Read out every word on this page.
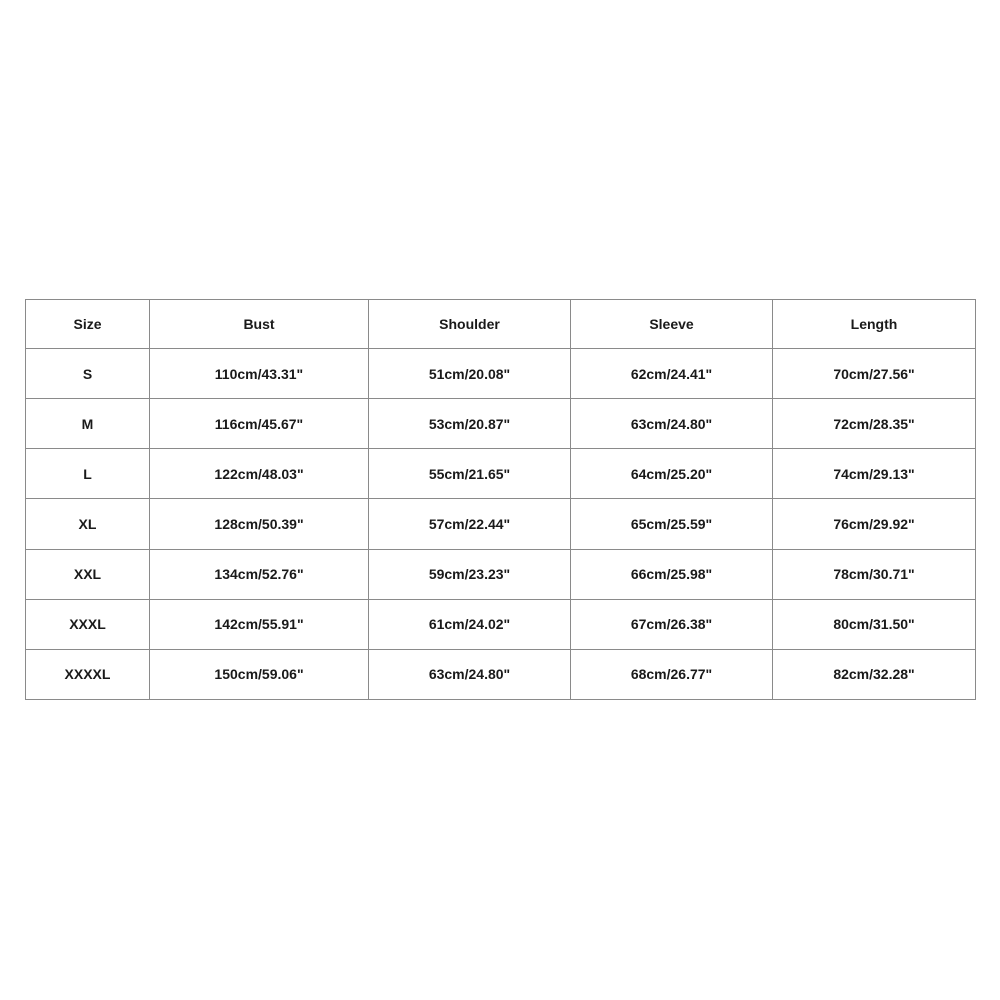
Size	Bust	Shoulder	Sleeve	Length
S	110cm/43.31"	51cm/20.08"	62cm/24.41"	70cm/27.56"
M	116cm/45.67"	53cm/20.87"	63cm/24.80"	72cm/28.35"
L	122cm/48.03"	55cm/21.65"	64cm/25.20"	74cm/29.13"
XL	128cm/50.39"	57cm/22.44"	65cm/25.59"	76cm/29.92"
XXL	134cm/52.76"	59cm/23.23"	66cm/25.98"	78cm/30.71"
XXXL	142cm/55.91"	61cm/24.02"	67cm/26.38"	80cm/31.50"
XXXXL	150cm/59.06"	63cm/24.80"	68cm/26.77"	82cm/32.28"
